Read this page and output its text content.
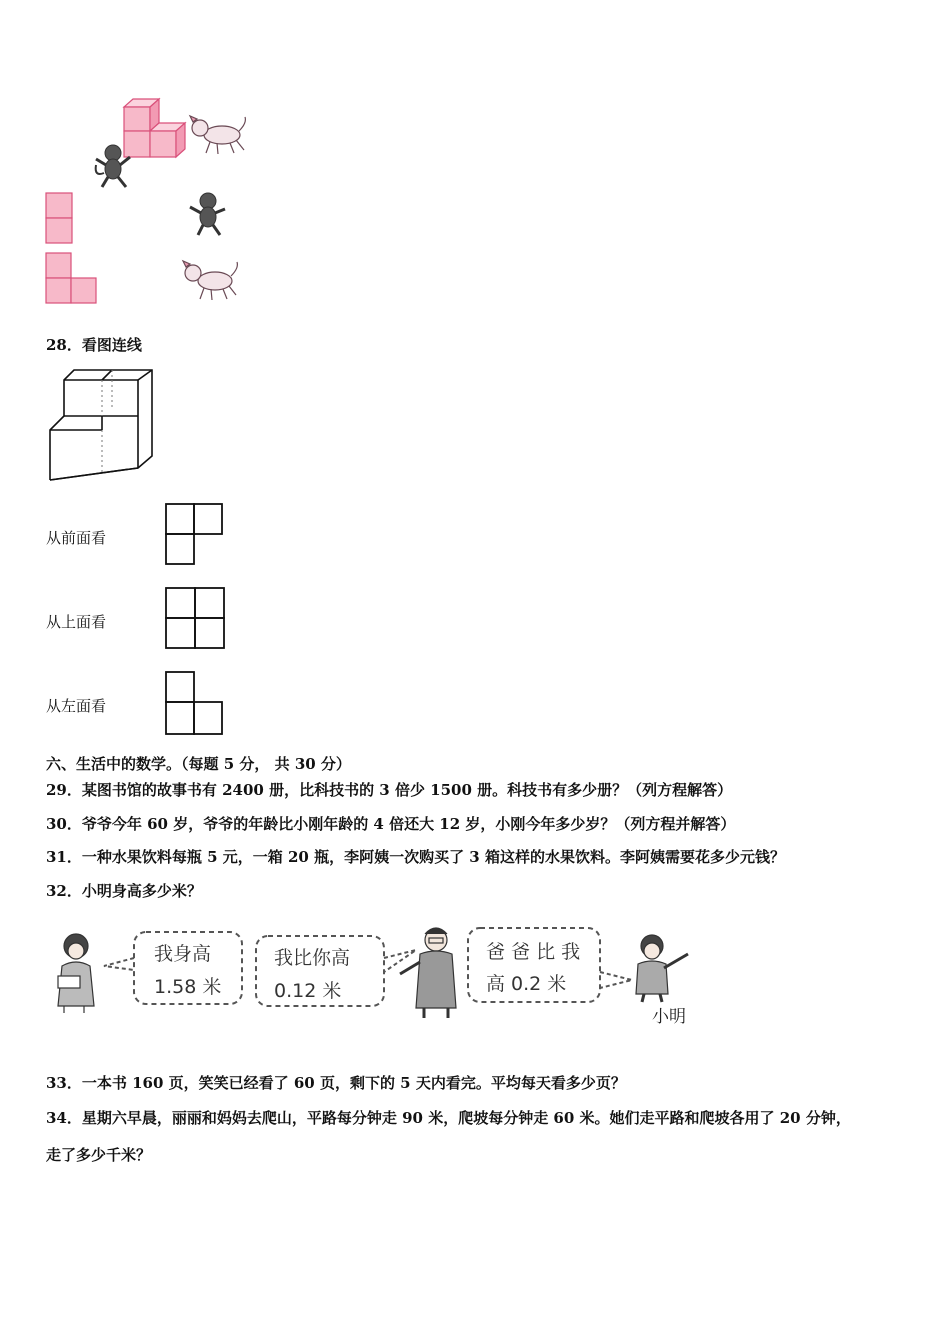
28．看图连线
从前面看
从上面看
从左面看
六、生活中的数学。（每题 5 分， 共 30 分）
29．某图书馆的故事书有 2400 册，比科技书的 3 倍少 1500 册。科技书有多少册？（列方程解答）
30．爷爷今年 60 岁，爷爷的年龄比小刚年龄的 4 倍还大 12 岁，小刚今年多少岁？（列方程并解答）
31．一种水果饮料每瓶 5 元，一箱 20 瓶，李阿姨一次购买了 3 箱这样的水果饮料。李阿姨需要花多少元钱？
32．小明身高多少米？
我身高
1.58 米
我比你高
0.12 米
爸 爸 比 我
高 0.2 米
小明
33．一本书 160 页，笑笑已经看了 60 页，剩下的 5 天内看完。平均每天看多少页？
34．星期六早晨，丽丽和妈妈去爬山，平路每分钟走 90 米，爬坡每分钟走 60 米。她们走平路和爬坡各用了 20 分钟，
走了多少千米？
